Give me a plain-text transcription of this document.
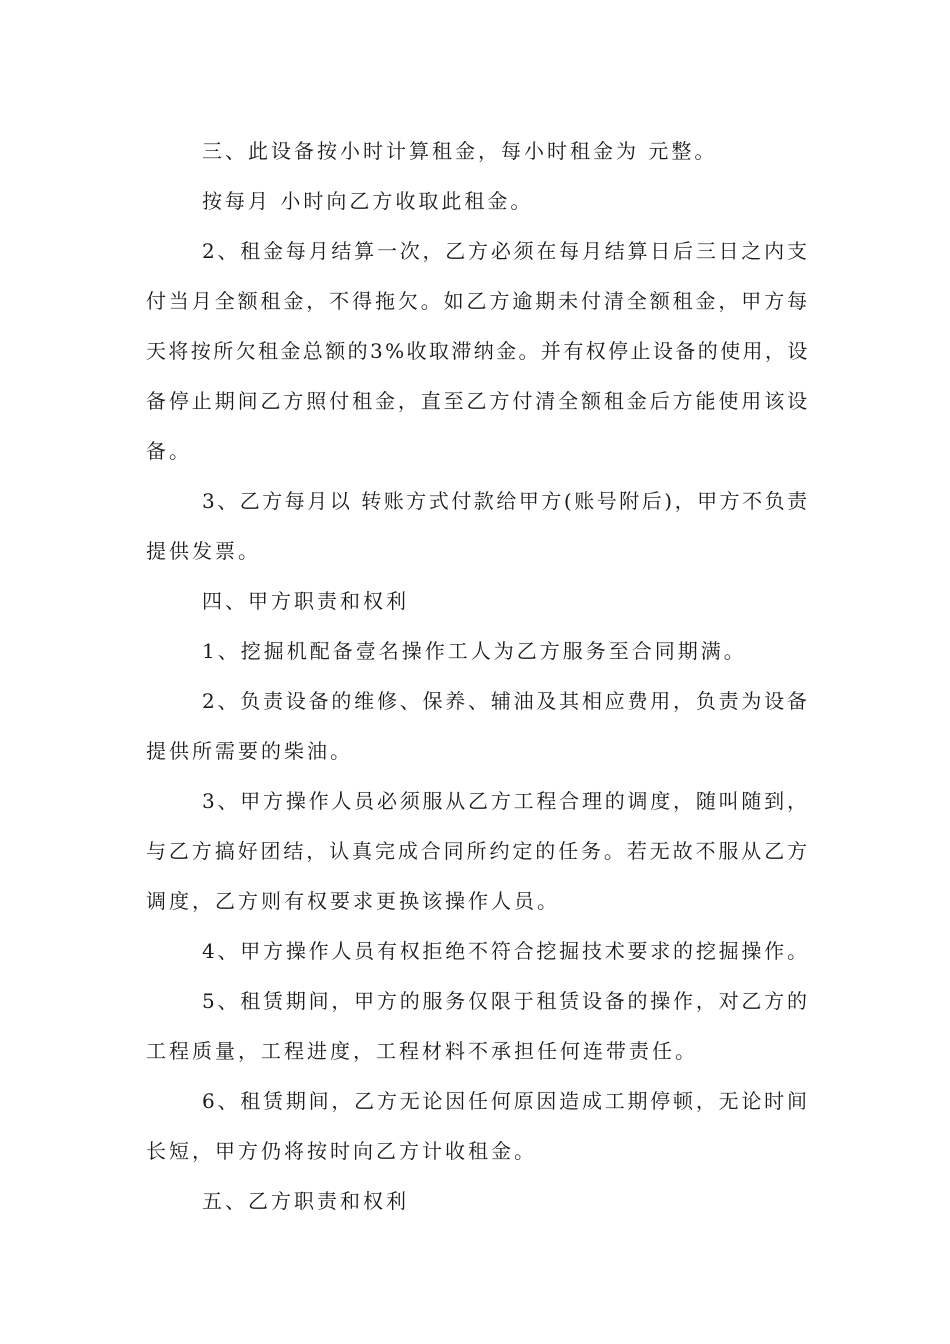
三、此设备按小时计算租金，每小时租金为 元整。
按每月 小时向乙方收取此租金。
2、租金每月结算一次，乙方必须在每月结算日后三日之内支
付当月全额租金，不得拖欠。如乙方逾期未付清全额租金，甲方每
天将按所欠租金总额的3%收取滞纳金。并有权停止设备的使用，设
备停止期间乙方照付租金，直至乙方付清全额租金后方能使用该设
备。
3、乙方每月以 转账方式付款给甲方(账号附后)，甲方不负责
提供发票。
四、甲方职责和权利
1、挖掘机配备壹名操作工人为乙方服务至合同期满。
2、负责设备的维修、保养、辅油及其相应费用，负责为设备
提供所需要的柴油。
3、甲方操作人员必须服从乙方工程合理的调度，随叫随到，
与乙方搞好团结，认真完成合同所约定的任务。若无故不服从乙方
调度，乙方则有权要求更换该操作人员。
4、甲方操作人员有权拒绝不符合挖掘技术要求的挖掘操作。
5、租赁期间，甲方的服务仅限于租赁设备的操作，对乙方的
工程质量，工程进度，工程材料不承担任何连带责任。
6、租赁期间，乙方无论因任何原因造成工期停顿，无论时间
长短，甲方仍将按时向乙方计收租金。
五、乙方职责和权利
